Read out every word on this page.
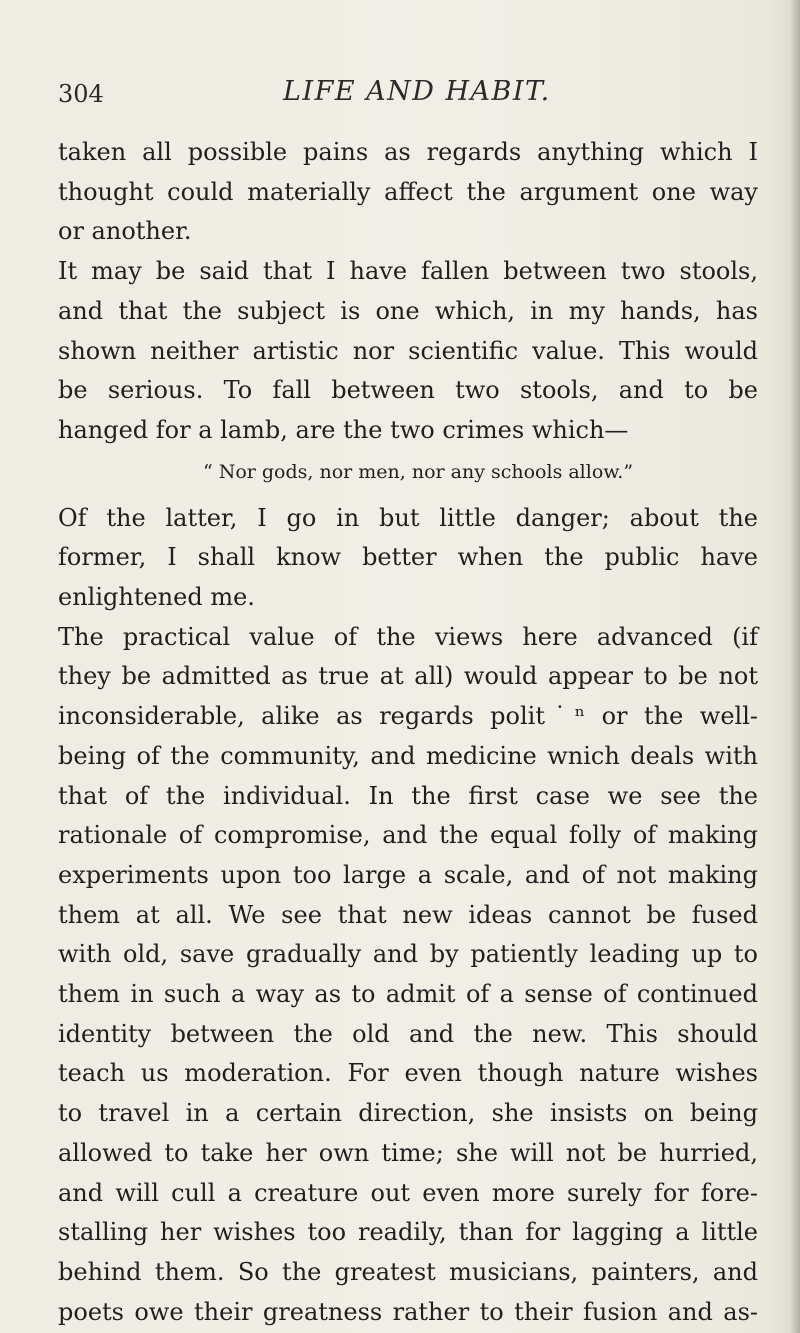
304	LIFE AND HABIT.
taken all possible pains as regards anything which I
thought could materially affect the argument one way
or another.
It may be said that I have fallen between two stools,
and that the subject is one which, in my hands, has
shown neither artistic nor scientific value. This would
be serious. To fall between two stools, and to be
hanged for a lamb, are the two crimes which—
“ Nor gods, nor men, nor any schools allow.”
Of the latter, I go in but little danger; about the
former, I shall know better when the public have
enlightened me.
The practical value of the views here advanced (if
they be admitted as true at all) would appear to be not
inconsiderable, alike as regards polit˙ⁿ or the well-
being of the community, and medicine wnich deals with
that of the individual. In the first case we see the
rationale of compromise, and the equal folly of making
experiments upon too large a scale, and of not making
them at all. We see that new ideas cannot be fused
with old, save gradually and by patiently leading up to
them in such a way as to admit of a sense of continued
identity between the old and the new. This should
teach us moderation. For even though nature wishes
to travel in a certain direction, she insists on being
allowed to take her own time; she will not be hurried,
and will cull a creature out even more surely for fore-
stalling her wishes too readily, than for lagging a little
behind them. So the greatest musicians, painters, and
poets owe their greatness rather to their fusion and as-
